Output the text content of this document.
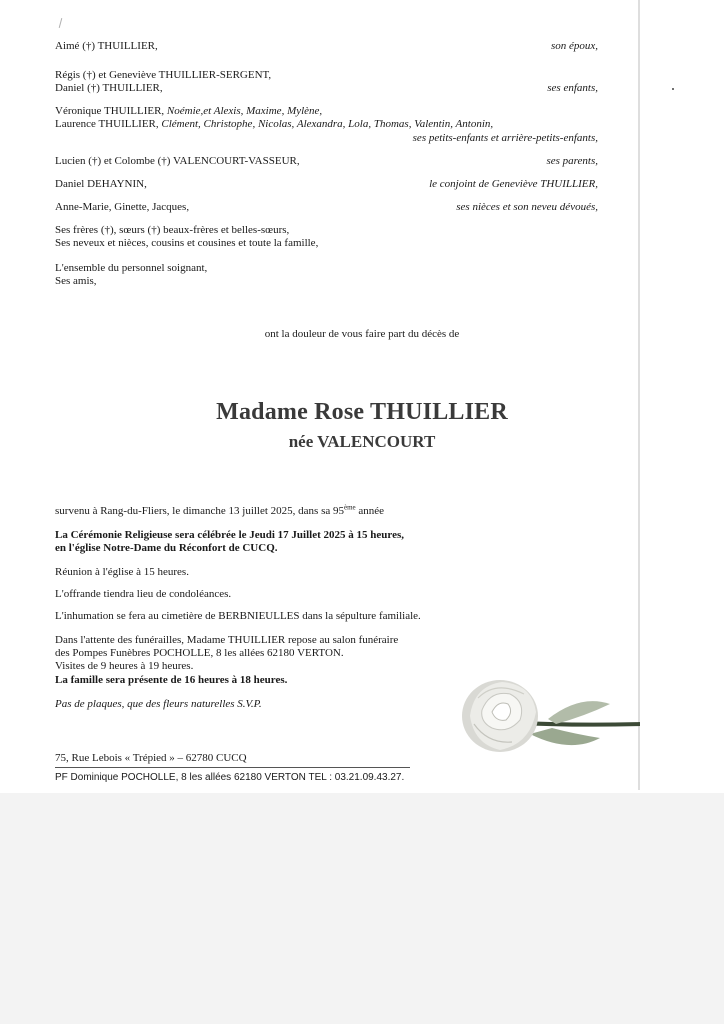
Aimé (†) THUILLIER,	son époux,
Régis (†) et Geneviève THUILLIER-SERGENT,
Daniel (†) THUILLIER,	ses enfants,
Véronique THUILLIER, Noémie,et Alexis, Maxime, Mylène,
Laurence THUILLIER, Clément, Christophe, Nicolas, Alexandra, Lola, Thomas, Valentin, Antonin,
ses petits-enfants et arrière-petits-enfants,
Lucien (†) et Colombe (†) VALENCOURT-VASSEUR,	ses parents,
Daniel DEHAYNIN,	le conjoint de Geneviève THUILLIER,
Anne-Marie, Ginette, Jacques,	ses nièces et son neveu dévoués,
Ses frères (†), sœurs (†) beaux-frères et belles-sœurs,
Ses neveux et nièces, cousins et cousines et toute la famille,
L'ensemble du personnel soignant,
Ses amis,
ont la douleur de vous faire part du décès de
Madame Rose THUILLIER
née VALENCOURT
survenu à Rang-du-Fliers, le dimanche 13 juillet 2025, dans sa 95ème année
La Cérémonie Religieuse sera célébrée le Jeudi 17 Juillet 2025 à 15 heures,
en l'église Notre-Dame du Réconfort de CUCQ.
Réunion à l'église à 15 heures.
L'offrande tiendra lieu de condoléances.
L'inhumation se fera au cimetière de BERBNIEULLES dans la sépulture familiale.
Dans l'attente des funérailles, Madame THUILLIER repose au salon funéraire
des Pompes Funèbres POCHOLLE, 8 les allées 62180 VERTON.
Visites de 9 heures à 19 heures.
La famille sera présente de 16 heures à 18 heures.
Pas de plaques, que des fleurs naturelles S.V.P.
75, Rue Lebois « Trépied » – 62780 CUCQ
PF Dominique POCHOLLE, 8 les allées 62180 VERTON TEL : 03.21.09.43.27.
